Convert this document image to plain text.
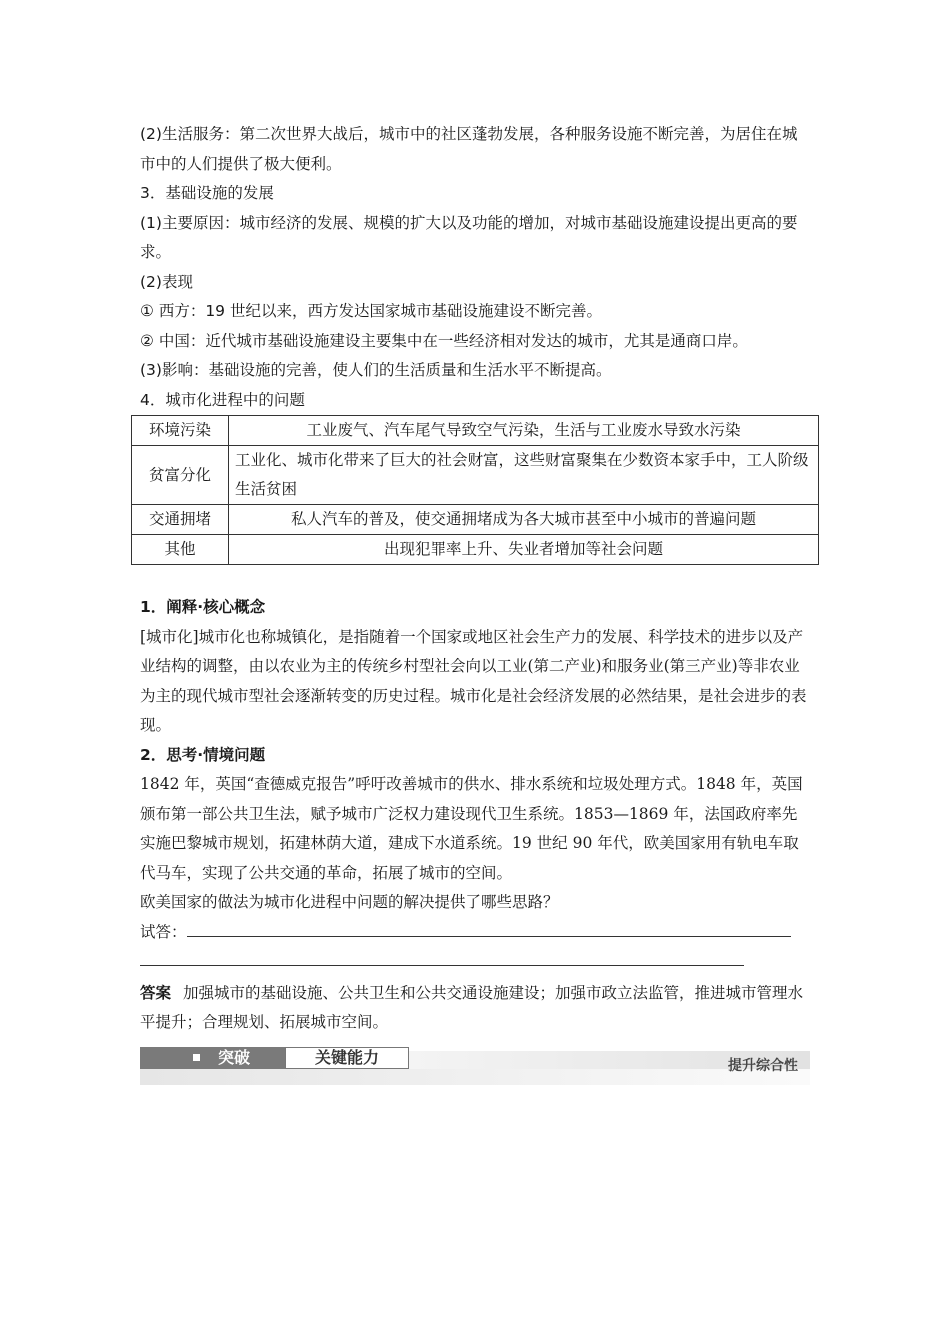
(2)生活服务：第二次世界大战后，城市中的社区蓬勃发展，各种服务设施不断完善，为居住在城市中的人们提供了极大便利。

3．基础设施的发展

(1)主要原因：城市经济的发展、规模的扩大以及功能的增加，对城市基础设施建设提出更高的要求。

(2)表现

① 西方：19 世纪以来，西方发达国家城市基础设施建设不断完善。

② 中国：近代城市基础设施建设主要集中在一些经济相对发达的城市，尤其是通商口岸。

(3)影响：基础设施的完善，使人们的生活质量和生活水平不断提高。

4．城市化进程中的问题

环境污染	工业废气、汽车尾气导致空气污染，生活与工业废水导致水污染
贫富分化	工业化、城市化带来了巨大的社会财富，这些财富聚集在少数资本家手中，工人阶级生活贫困
交通拥堵	私人汽车的普及，使交通拥堵成为各大城市甚至中小城市的普遍问题
其他	出现犯罪率上升、失业者增加等社会问题

1．阐释·核心概念

[城市化]城市化也称城镇化，是指随着一个国家或地区社会生产力的发展、科学技术的进步以及产业结构的调整，由以农业为主的传统乡村型社会向以工业(第二产业)和服务业(第三产业)等非农业为主的现代城市型社会逐渐转变的历史过程。城市化是社会经济发展的必然结果，是社会进步的表现。

2．思考·情境问题

1842 年，英国“查德威克报告”呼吁改善城市的供水、排水系统和垃圾处理方式。1848 年，英国颁布第一部公共卫生法，赋予城市广泛权力建设现代卫生系统。1853—1869 年，法国政府率先实施巴黎城市规划，拓建林荫大道，建成下水道系统。19 世纪 90 年代，欧美国家用有轨电车取代马车，实现了公共交通的革命，拓展了城市的空间。

欧美国家的做法为城市化进程中问题的解决提供了哪些思路？

试答：

答案 加强城市的基础设施、公共卫生和公共交通设施建设；加强市政立法监管，推进城市管理水平提升；合理规划、拓展城市空间。

突破	关键能力	提升综合性
